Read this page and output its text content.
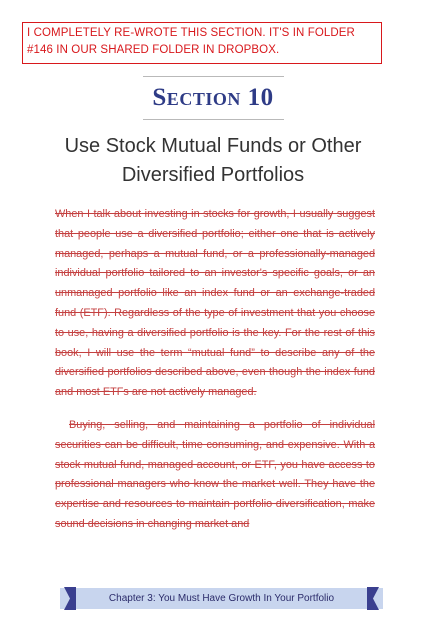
I COMPLETELY RE-WROTE THIS SECTION. IT'S IN FOLDER #146 IN OUR SHARED FOLDER IN DROPBOX.
Section 10
Use Stock Mutual Funds or Other Diversified Portfolios

When I talk about investing in stocks for growth, I usually suggest that people use a diversified portfolio; either one that is actively managed, perhaps a mutual fund, or a professionally-managed individual portfolio tailored to an investor's specific goals, or an unmanaged portfolio like an index fund or an exchange-traded fund (ETF). Regardless of the type of investment that you choose to use, having a diversified portfolio is the key. For the rest of this book, I will use the term “mutual fund” to describe any of the diversified portfolios described above, even though the index fund and most ETFs are not actively managed.

Buying, selling, and maintaining a portfolio of individual securities can be difficult, time consuming, and expensive. With a stock mutual fund, managed account, or ETF, you have access to professional managers who know the market well. They have the expertise and resources to maintain portfolio diversification, make sound decisions in changing market and

Chapter 3: You Must Have Growth In Your Portfolio
